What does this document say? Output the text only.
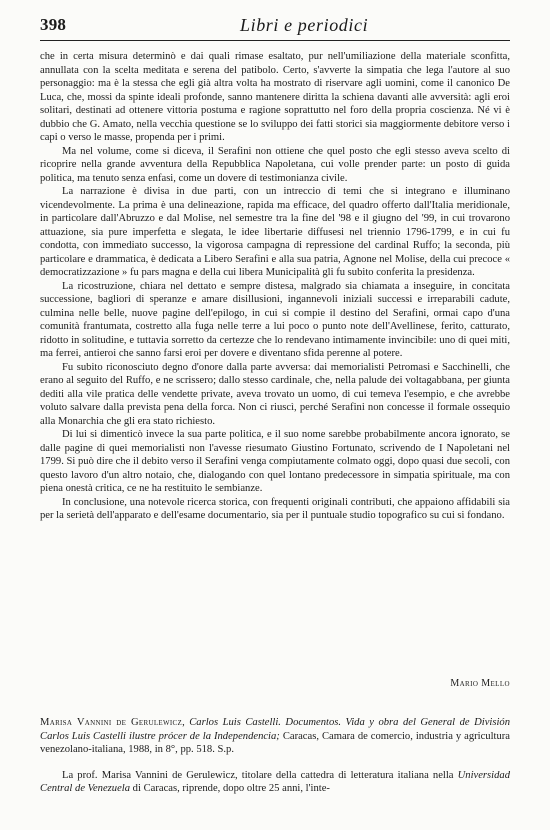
398	Libri e periodici

che in certa misura determinò e dai quali rimase esaltato, pur nell'umiliazione della materiale sconfitta, annullata con la scelta meditata e serena del patibolo. Certo, s'avverte la simpatia che lega l'autore al suo personaggio: ma è la stessa che egli già altra volta ha mostrato di riservare agli uomini, come il canonico De Luca, che, mossi da spinte ideali profonde, sanno mantenere diritta la schiena davanti alle avversità: agli eroi solitari, destinati ad ottenere vittoria postuma e ragione soprattutto nel foro della propria coscienza. Né vi è dubbio che G. Amato, nella vecchia questione se lo sviluppo dei fatti storici sia maggiormente debitore verso i capi o verso le masse, propenda per i primi.

Ma nel volume, come si diceva, il Serafini non ottiene che quel posto che egli stesso aveva scelto di ricoprire nella grande avventura della Repubblica Napoletana, cui volle prender parte: un posto di guida politica, ma tenuto senza enfasi, come un dovere di testimonianza civile.

La narrazione è divisa in due parti, con un intreccio di temi che si integrano e illuminano vicendevolmente. La prima è una delineazione, rapida ma efficace, del quadro offerto dall'Italia meridionale, in particolare dall'Abruzzo e dal Molise, nel semestre tra la fine del '98 e il giugno del '99, in cui trovarono attuazione, sia pure imperfetta e slegata, le idee libertarie diffusesi nel triennio 1796-1799, e in cui fu condotta, con immediato successo, la vigorosa campagna di repressione del cardinal Ruffo; la seconda, più particolare e drammatica, è dedicata a Libero Serafini e alla sua patria, Agnone nel Molise, della cui precoce « democratizzazione » fu pars magna e della cui libera Municipalità gli fu subito conferita la presidenza.

La ricostruzione, chiara nel dettato e sempre distesa, malgrado sia chiamata a inseguire, in concitata successione, bagliori di speranze e amare disillusioni, ingannevoli iniziali successi e irreparabili cadute, culmina nelle belle, nuove pagine dell'epilogo, in cui si compie il destino del Serafini, ormai capo d'una comunità frantumata, costretto alla fuga nelle terre a lui poco o punto note dell'Avellinese, ferito, catturato, ridotto in solitudine, e tuttavia sorretto da certezze che lo rendevano intimamente invincibile: uno di quei miti, ma ferrei, antieroi che sanno farsi eroi per dovere e diventano sfida perenne al potere.

Fu subito riconosciuto degno d'onore dalla parte avversa: dai memorialisti Petromasi e Sacchinelli, che erano al seguito del Ruffo, e ne scrissero; dallo stesso cardinale, che, nella palude dei voltagabbana, per giunta dediti alla vile pratica delle vendette private, aveva trovato un uomo, di cui temeva l'esempio, e che avrebbe voluto salvare dalla prevista pena della forca. Non ci riuscì, perché Serafini non concesse il formale ossequio alla Monarchia che gli era stato richiesto.

Di lui si dimenticò invece la sua parte politica, e il suo nome sarebbe probabilmente ancora ignorato, se dalle pagine di quei memorialisti non l'avesse riesumato Giustino Fortunato, scrivendo de I Napoletani nel 1799. Si può dire che il debito verso il Serafini venga compiutamente colmato oggi, dopo quasi due secoli, con questo lavoro d'un altro notaio, che, dialogando con quel lontano predecessore in simpatia spirituale, ma con piena onestà critica, ce ne ha restituito le sembianze.

In conclusione, una notevole ricerca storica, con frequenti originali contributi, che appaiono affidabili sia per la serietà dell'apparato e dell'esame documentario, sia per il puntuale studio topografico su cui si fondano.

Mario Mello

Marisa Vannini de Gerulewicz, Carlos Luis Castelli. Documentos. Vida y obra del General de División Carlos Luis Castelli ilustre prócer de la Independencia; Caracas, Camara de comercio, industria y agricultura venezolano-italiana, 1988, in 8°, pp. 518. S.p.

La prof. Marisa Vannini de Gerulewicz, titolare della cattedra di letteratura italiana nella Universidad Central de Venezuela di Caracas, riprende, dopo oltre 25 anni, l'inte-
